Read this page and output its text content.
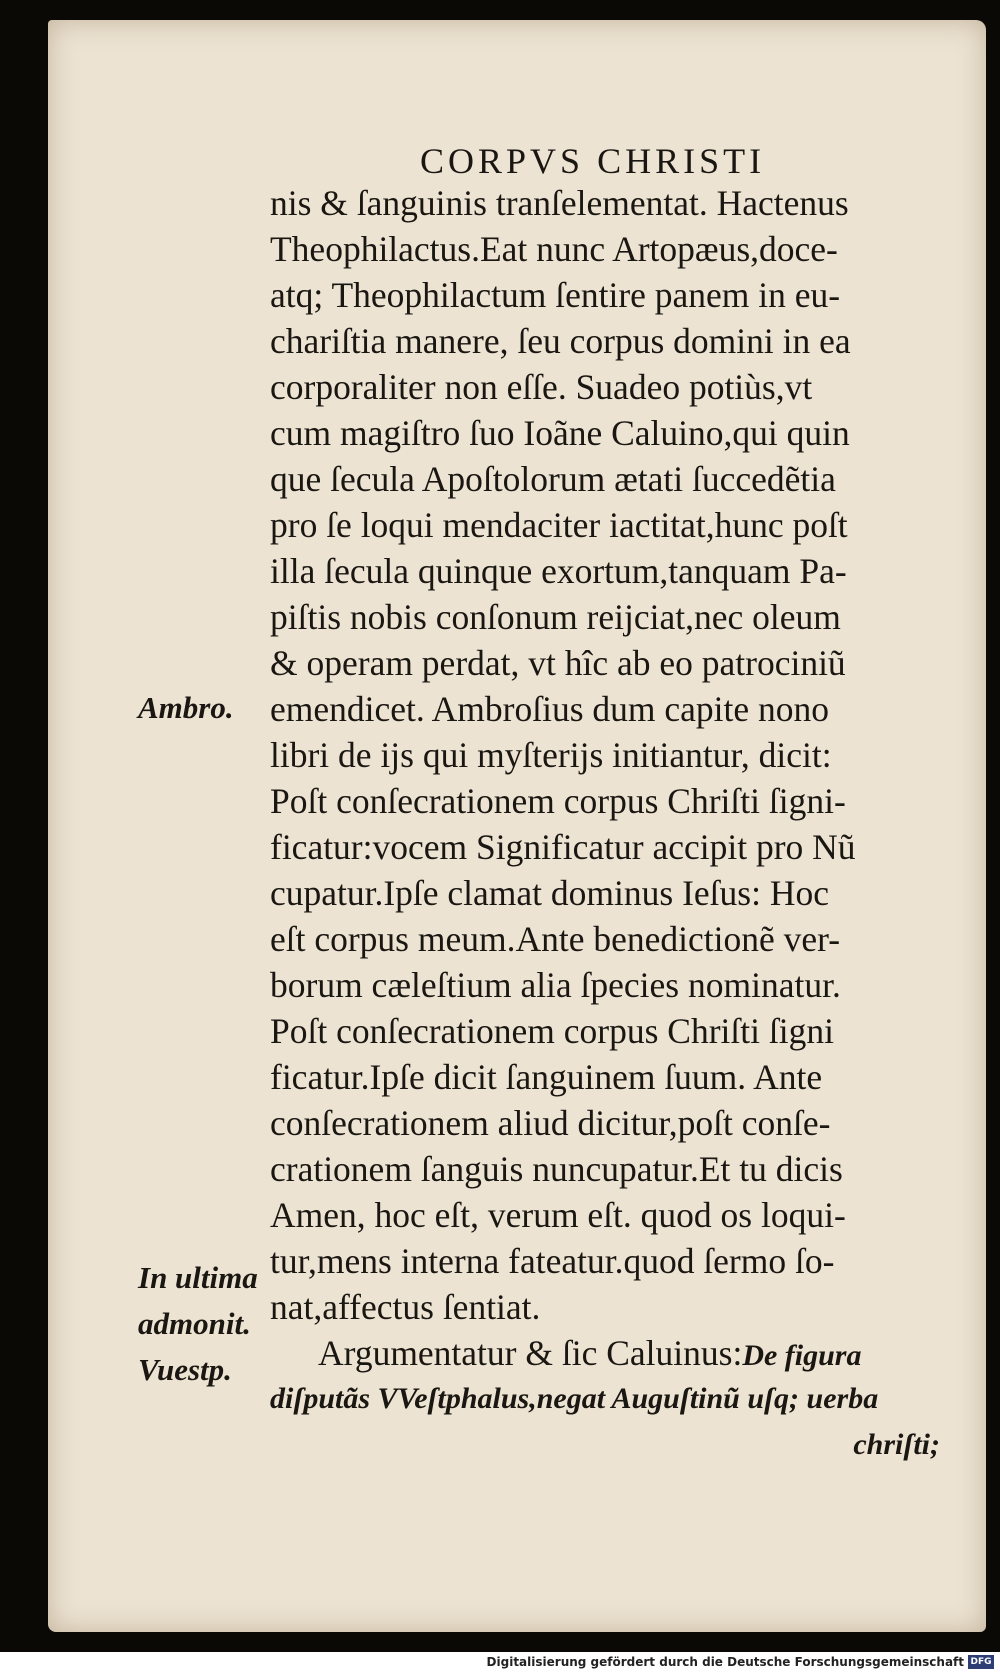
CORPVS CHRISTI
nis & ſanguinis tranſelementat. Hactenus
Theophilactus.Eat nunc Artopæus,doce-
atq; Theophilactum ſentire panem in eu-
chariſtia manere, ſeu corpus domini in ea
corporaliter non eſſe. Suadeo potiùs,vt
cum magiſtro ſuo Ioãne Caluino,qui quin
que ſecula Apoſtolorum ætati ſuccedẽtia
pro ſe loqui mendaciter iactitat,hunc poſt
illa ſecula quinque exortum,tanquam Pa-
piſtis nobis conſonum reijciat,nec oleum
& operam perdat, vt hîc ab eo patrociniũ
emendicet. Ambroſius dum capite nono
libri de ijs qui myſterijs initiantur, dicit:
Poſt conſecrationem corpus Chriſti ſigni-
ficatur:vocem Significatur accipit pro Nũ
cupatur.Ipſe clamat dominus Ieſus: Hoc
eſt corpus meum.Ante benedictionẽ ver-
borum cæleſtium alia ſpecies nominatur.
Poſt conſecrationem corpus Chriſti ſigni
ficatur.Ipſe dicit ſanguinem ſuum. Ante
conſecrationem aliud dicitur,poſt conſe-
crationem ſanguis nuncupatur.Et tu dicis
Amen, hoc eſt, verum eſt. quod os loqui-
tur,mens interna fateatur.quod ſermo ſo-
nat,affectus ſentiat.
Argumentatur & ſic Caluinus:De figura
diſputãs VVeſtphalus,negat Auguſtinũ uſq; uerba
chriſti;
Ambro.
In ultima
admonit.
Vuestp.
Digitalisierung gefördert durch die Deutsche Forschungsgemeinschaft DFG
